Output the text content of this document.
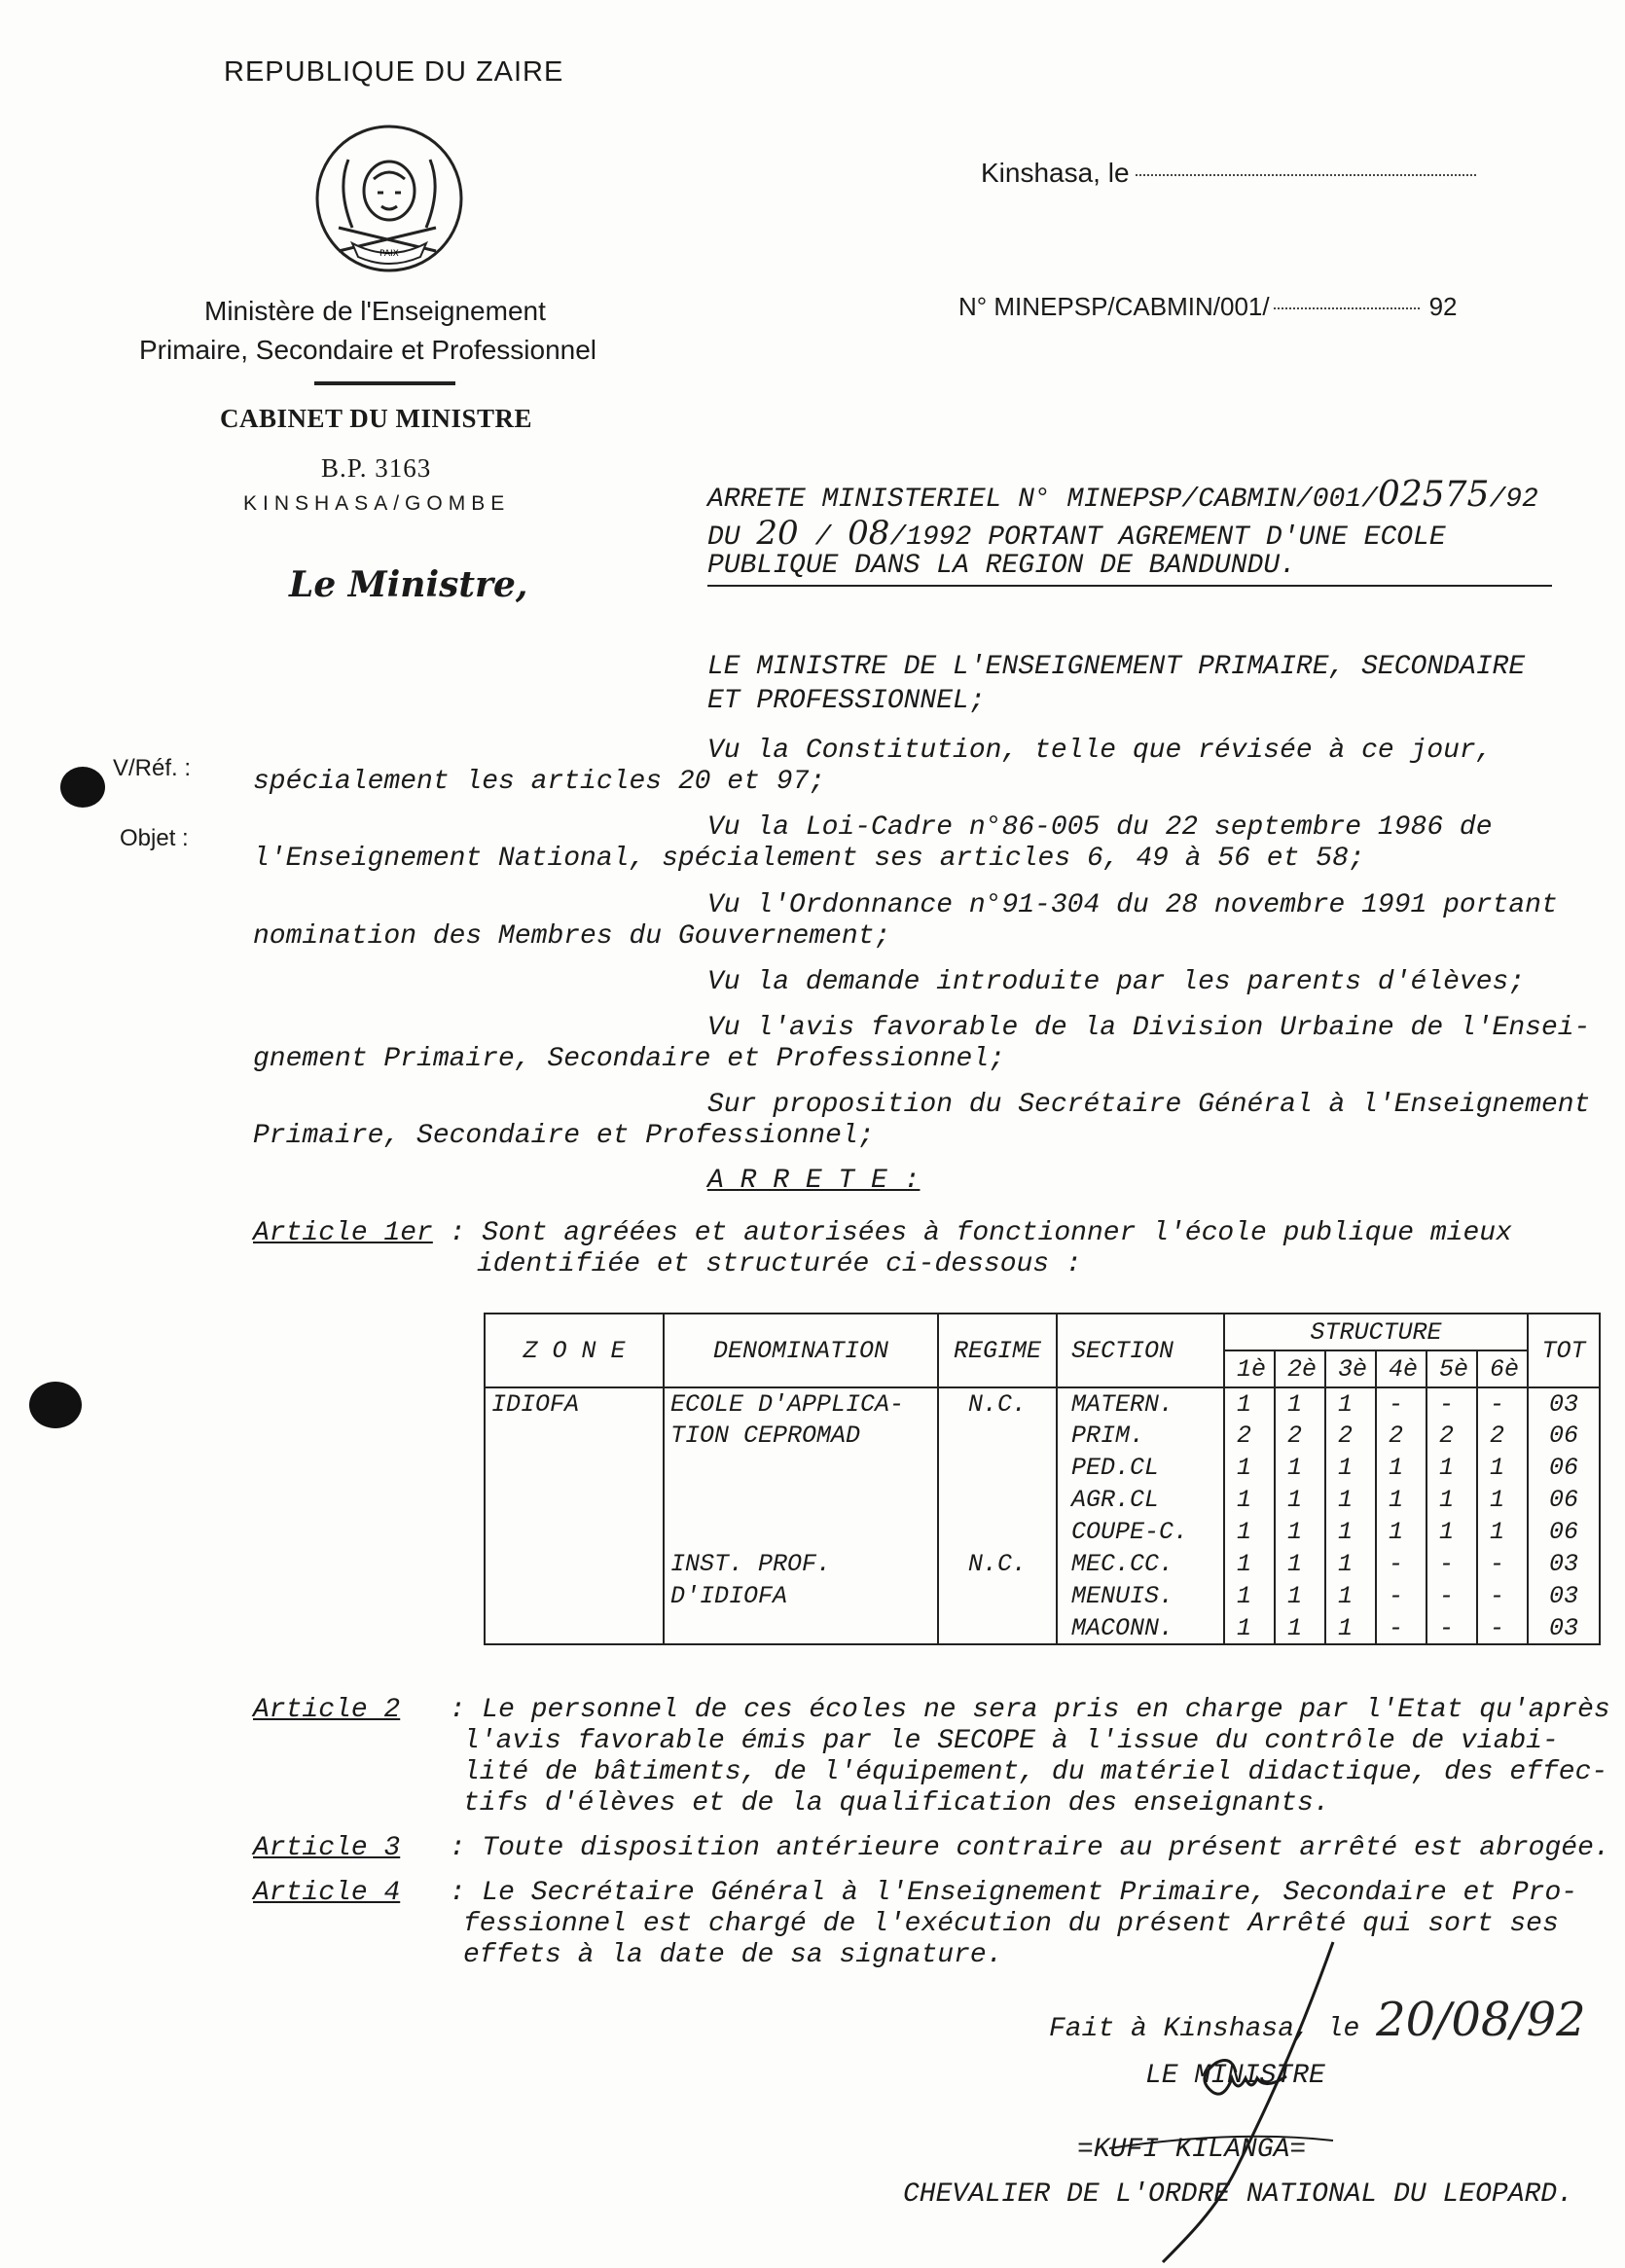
REPUBLIQUE DU ZAIRE
PAIX
Ministère de l'Enseignement
Primaire, Secondaire et Professionnel
CABINET DU MINISTRE
B.P. 3163
KINSHASA/GOMBE
Le Ministre,
Kinshasa, le
N° MINEPSP/CABMIN/001/	92
V/Réf. :
Objet :
ARRETE MINISTERIEL N° MINEPSP/CABMIN/001/02575/92
DU 20 / 08/1992 PORTANT AGREMENT D'UNE ECOLE
PUBLIQUE DANS LA REGION DE BANDUNDU.
LE MINISTRE DE L'ENSEIGNEMENT PRIMAIRE, SECONDAIRE
ET PROFESSIONNEL;
Vu la Constitution, telle que révisée à ce jour,
spécialement les articles 20 et 97;
Vu la Loi-Cadre n°86-005 du 22 septembre 1986 de
l'Enseignement National, spécialement ses articles 6, 49 à 56 et 58;
Vu l'Ordonnance n°91-304 du 28 novembre 1991 portant
nomination des Membres du Gouvernement;
Vu la demande introduite par les parents d'élèves;
Vu l'avis favorable de la Division Urbaine de l'Ensei-
gnement Primaire, Secondaire et Professionnel;
Sur proposition du Secrétaire Général à l'Enseignement
Primaire, Secondaire et Professionnel;
A R R E T E :
Article 1er : Sont agréées et autorisées à fonctionner l'école publique mieux
identifiée et structurée ci-dessous :
Z O N E	DENOMINATION	REGIME	SECTION	STRUCTURE						TOT
				1è	2è	3è	4è	5è	6è	
IDIOFA	ECOLE D'APPLICA-	N.C.	MATERN.	1	1	1	-	-	-	03
	TION CEPROMAD		PRIM.	2	2	2	2	2	2	06
			PED.CL	1	1	1	1	1	1	06
			AGR.CL	1	1	1	1	1	1	06
			COUPE-C.	1	1	1	1	1	1	06
	INST. PROF.	N.C.	MEC.CC.	1	1	1	-	-	-	03
	D'IDIOFA		MENUIS.	1	1	1	-	-	-	03
			MACONN.	1	1	1	-	-	-	03
Article 2 : Le personnel de ces écoles ne sera pris en charge par l'Etat qu'après
l'avis favorable émis par le SECOPE à l'issue du contrôle de viabi-
lité de bâtiments, de l'équipement, du matériel didactique, des effec-
tifs d'élèves et de la qualification des enseignants.
Article 3 : Toute disposition antérieure contraire au présent arrêté est abrogée.
Article 4 : Le Secrétaire Général à l'Enseignement Primaire, Secondaire et Pro-
fessionnel est chargé de l'exécution du présent Arrêté qui sort ses
effets à la date de sa signature.
Fait à Kinshasa, le 20/08/92
LE MINISTRE
=KUFI KILANGA=
CHEVALIER DE L'ORDRE NATIONAL DU LEOPARD.
